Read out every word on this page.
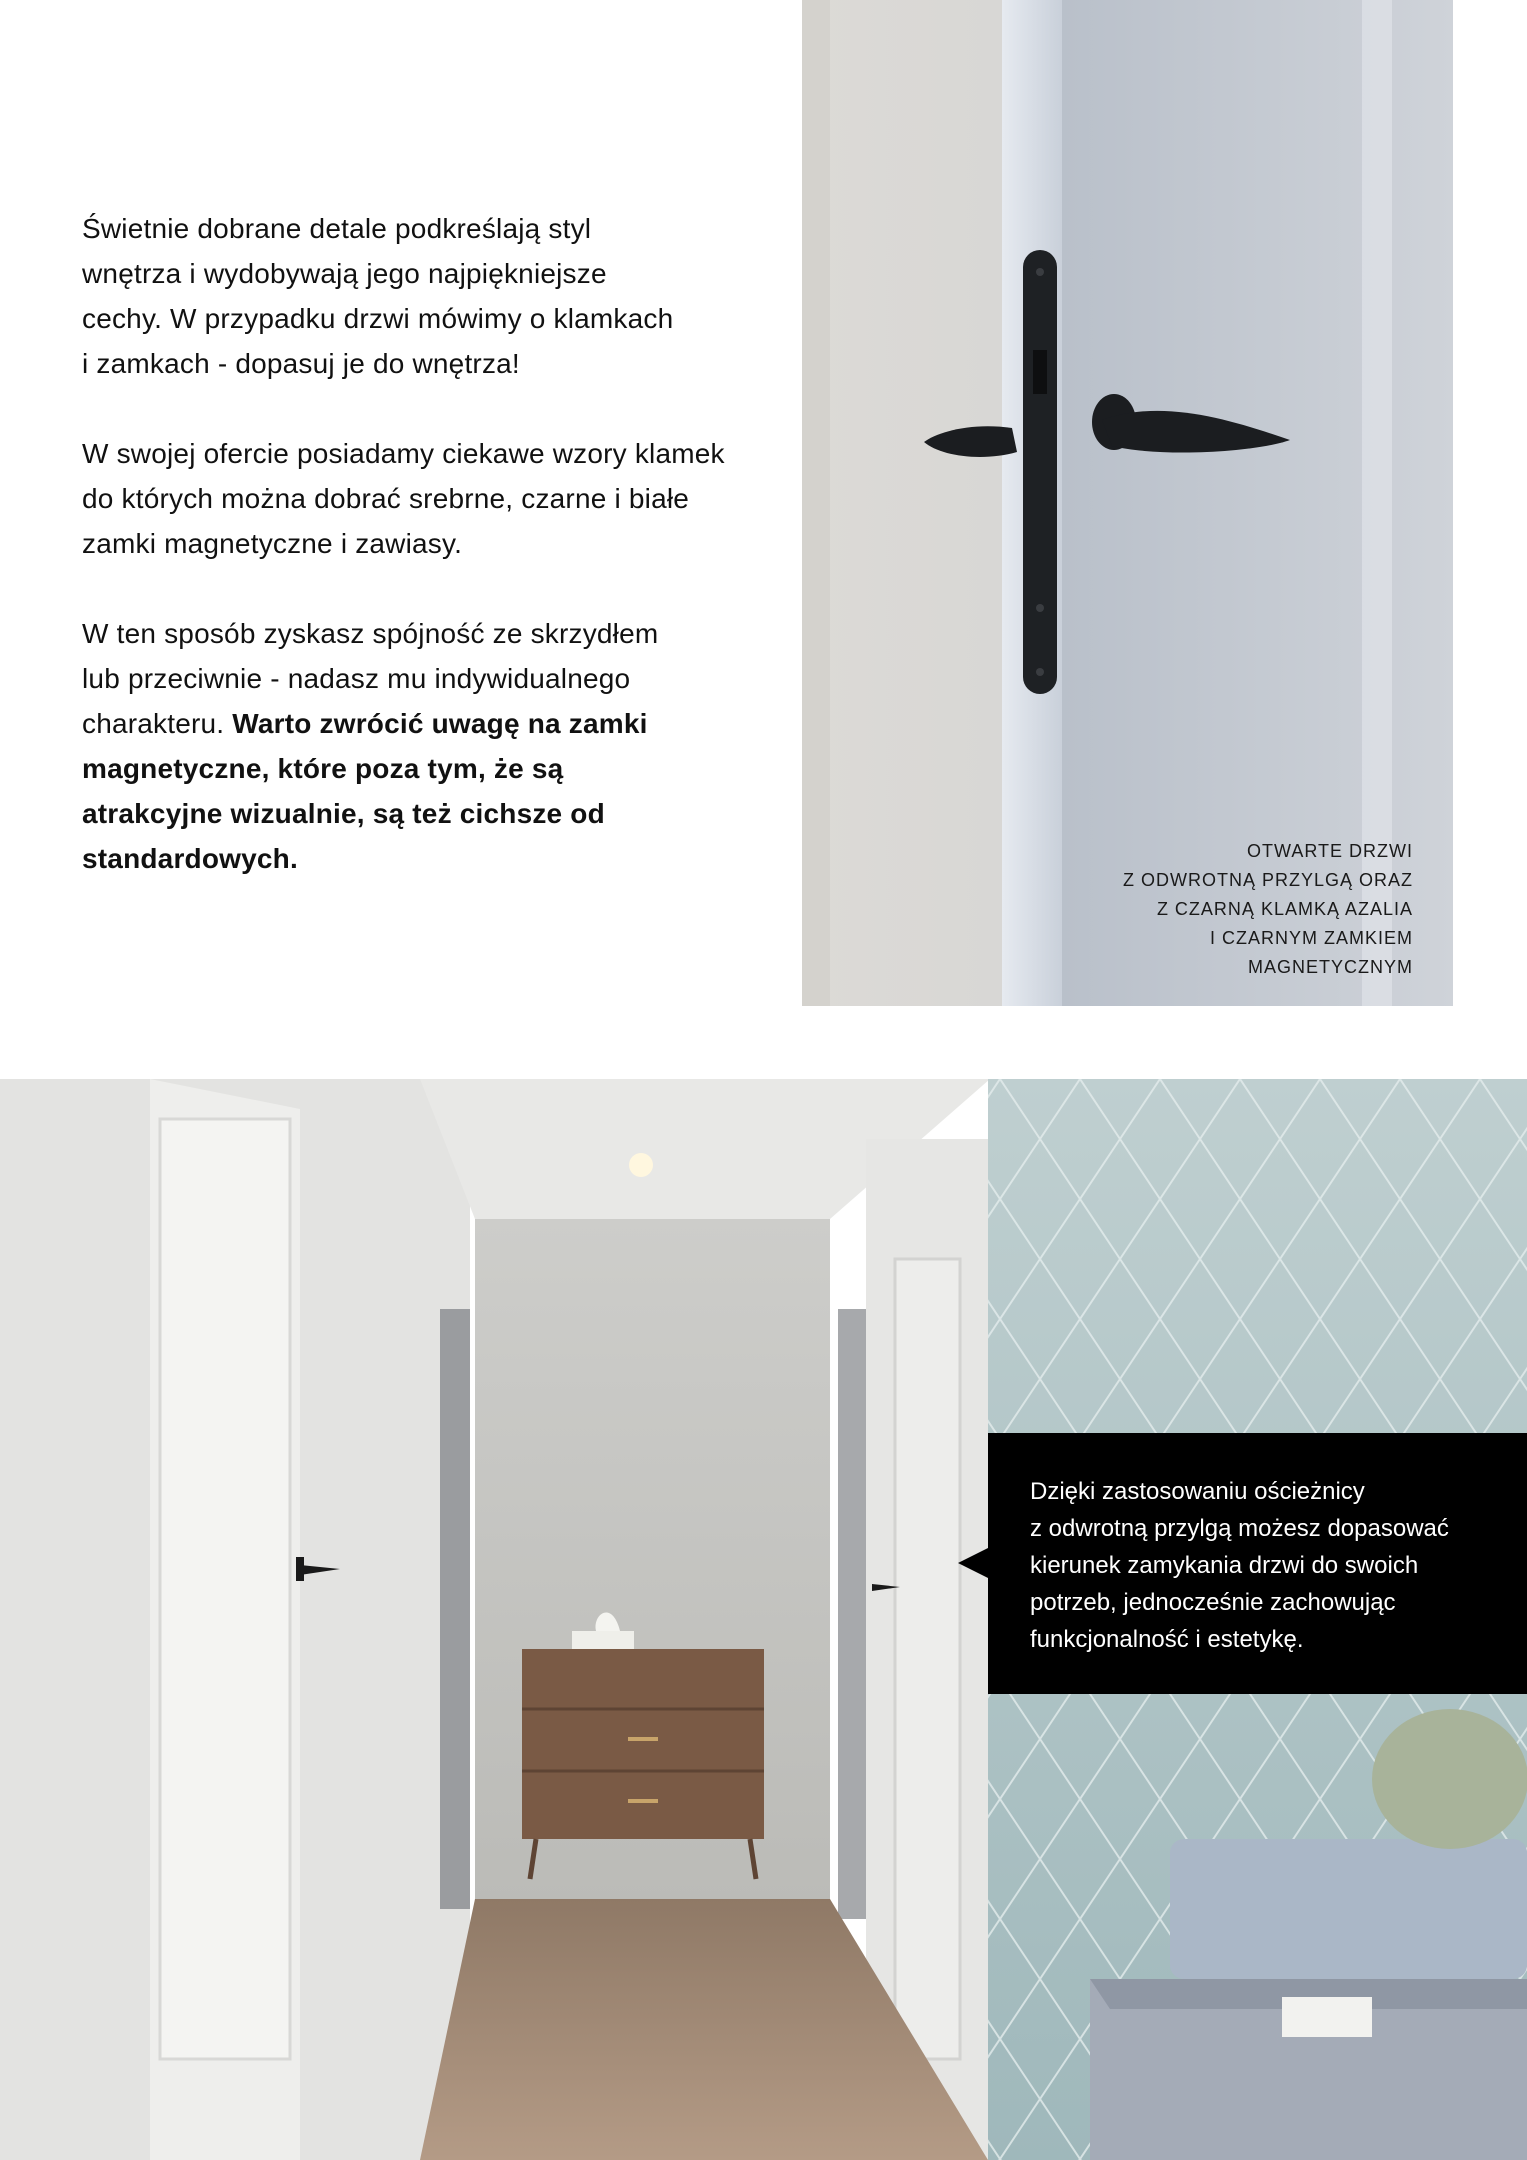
Świetnie dobrane detale podkreślają styl
wnętrza i wydobywają jego najpiękniejsze
cechy. W przypadku drzwi mówimy o klamkach
i zamkach - dopasuj je do wnętrza!

W swojej ofercie posiadamy ciekawe wzory klamek
do których można dobrać srebrne, czarne i białe
zamki magnetyczne i zawiasy.

W ten sposób zyskasz spójność ze skrzydłem
lub przeciwnie - nadasz mu indywidualnego
charakteru. Warto zwrócić uwagę na zamki
magnetyczne, które poza tym, że są
atrakcyjne wizualnie, są też cichsze od
standardowych.	OTWARTE DRZWI
Z ODWROTNĄ PRZYLGĄ ORAZ
Z CZARNĄ KLAMKĄ AZALIA
I CZARNYM ZAMKIEM
MAGNETYCZNYM
Dzięki zastosowaniu ościeżnicy
z odwrotną przylgą możesz dopasować
kierunek zamykania drzwi do swoich
potrzeb, jednocześnie zachowując
funkcjonalność i estetykę.
